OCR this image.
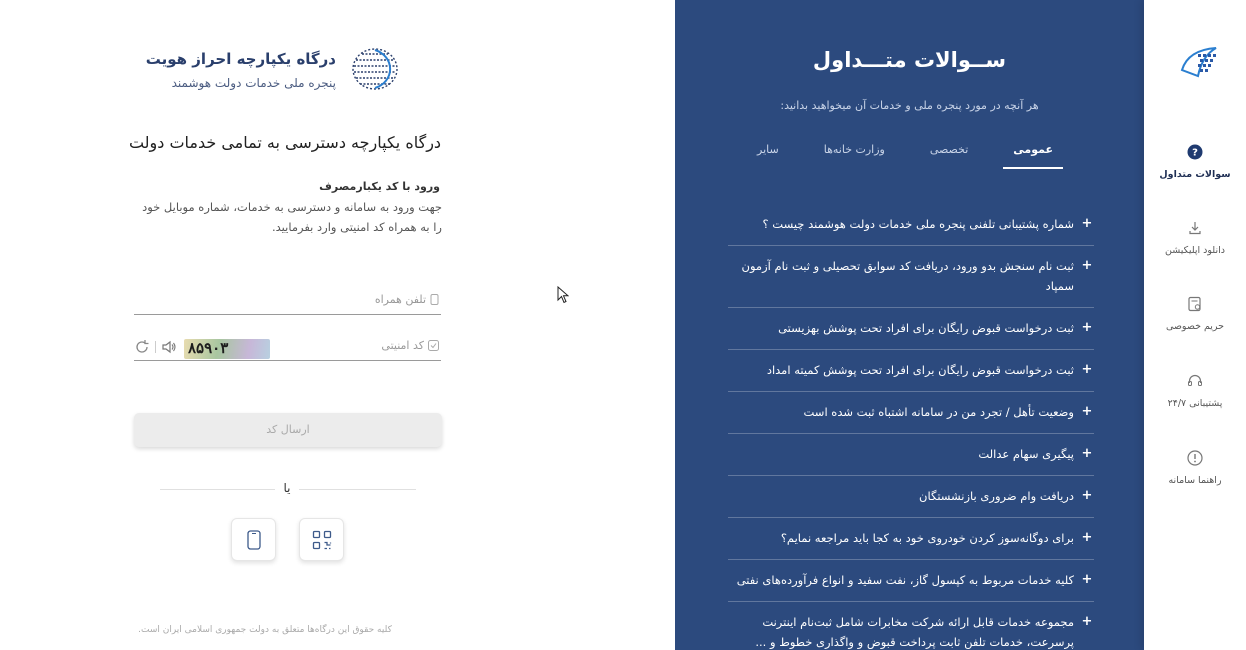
درگاه یکپارچه احراز هویت
پنجره ملی خدمات دولت هوشمند
درگاه یکپارچه دسترسی به تمامی خدمات دولت
ورود با کد یکبارمصرف
جهت ورود به سامانه و دسترسی به خدمات، شماره موبایل خود را به همراه کد امنیتی وارد بفرمایید.
تلفن همراه
۸۵۹۰۳	کد امنیتی
ارسال کد
یا
کلیه حقوق این درگاه‌ها متعلق به دولت جمهوری اسلامی ایران است.
ســوالات متـــداول
هر آنچه در مورد پنجره ملی و خدمات آن میخواهید بدانید:
عمومی
تخصصی
وزارت خانه‌ها
سایر
+
شماره پشتیبانی تلفنی پنجره ملی خدمات دولت هوشمند چیست ؟
+
ثبت نام سنجش بدو ورود، دریافت کد سوابق تحصیلی و ثبت نام آزمون سمپاد
+
ثبت درخواست قبوض رایگان برای افراد تحت پوشش بهزیستی
+
ثبت درخواست قبوض رایگان برای افراد تحت پوشش کمیته امداد
+
وضعیت تأهل / تجرد من در سامانه اشتباه ثبت شده است
+
پیگیری سهام عدالت
+
دریافت وام ضروری بازنشستگان
+
برای دوگانه‌سوز کردن خودروی خود به کجا باید مراجعه نمایم؟
+
کلیه خدمات مربوط به کپسول گاز، نفت سفید و انواع فرآورده‌های نفتی
+
مجموعه خدمات قابل ارائه شرکت مخابرات شامل ثبت‌نام اینترنت پرسرعت، خدمات تلفن ثابت پرداخت قبوض و واگذاری خطوط و ...
?
سوالات متداول
دانلود اپلیکیشن
حریم خصوصی
پشتیبانی ۲۴/۷
راهنما سامانه
